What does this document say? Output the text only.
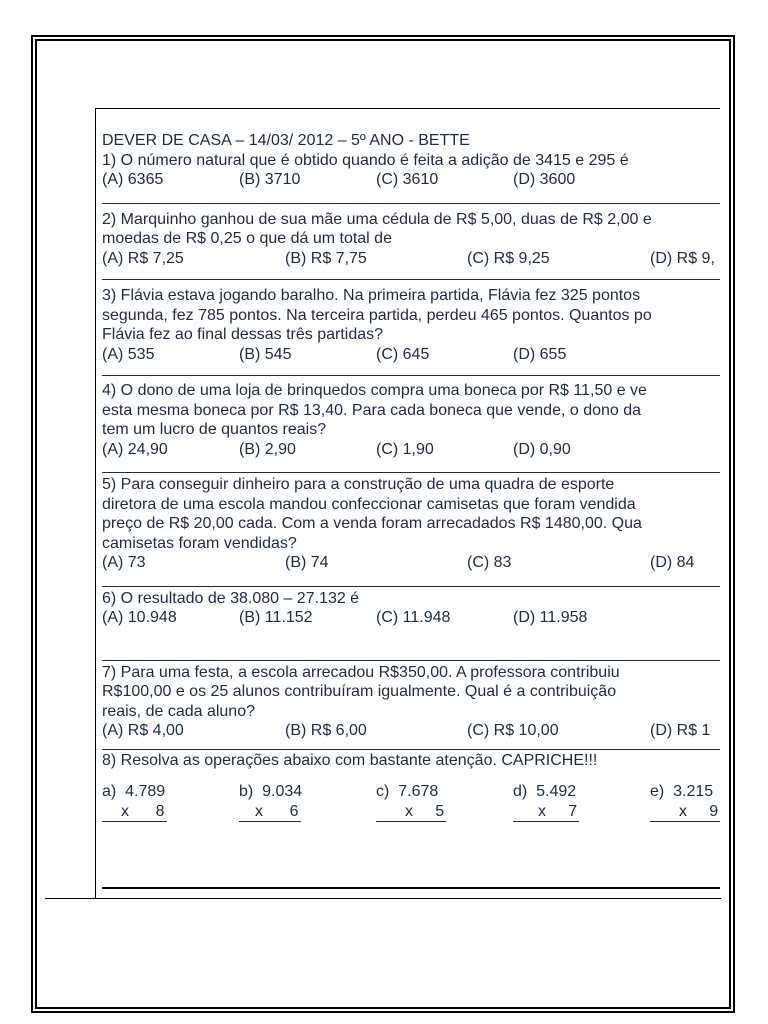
DEVER DE CASA – 14/03/ 2012 – 5º ANO - BETTE
1) O número natural que é obtido quando é feita a adição de 3415 e 295 é
(A) 6365	(B) 3710	(C) 3610	(D) 3600
2) Marquinho ganhou de sua mãe uma cédula de R$ 5,00, duas de R$ 2,00 e
moedas de R$ 0,25 o que dá um total de
(A) R$ 7,25	(B) R$ 7,75	(C) R$ 9,25	(D) R$ 9,
3) Flávia estava jogando baralho. Na primeira partida, Flávia fez 325 pontos
segunda, fez 785 pontos. Na terceira partida, perdeu 465 pontos. Quantos po
Flávia fez ao final dessas três partidas?
(A) 535	(B) 545	(C) 645	(D) 655
4) O dono de uma loja de brinquedos compra uma boneca por R$ 11,50 e ve
esta mesma boneca por R$ 13,40. Para cada boneca que vende, o dono da
tem um lucro de quantos reais?
(A) 24,90	(B) 2,90	(C) 1,90	(D) 0,90
5) Para conseguir dinheiro para a construção de uma quadra de esporte
diretora de uma escola mandou confeccionar camisetas que foram vendida
preço de R$ 20,00 cada. Com a venda foram arrecadados R$ 1480,00. Qua
camisetas foram vendidas?
(A) 73	(B) 74	(C) 83	(D) 84
6) O resultado de 38.080 – 27.132 é
(A) 10.948	(B) 11.152	(C) 11.948	(D) 11.958
7) Para uma festa, a escola arrecadou R$350,00. A professora contribuiu
R$100,00 e os 25 alunos contribuíram igualmente. Qual é a contribuição
reais, de cada aluno?
(A) R$ 4,00	(B) R$ 6,00	(C) R$ 10,00	(D) R$ 1
8) Resolva as operações abaixo com bastante atenção. CAPRICHE!!!
a) 4.789
x      8
b) 9.034
x      6
c) 7.678
x     5
d) 5.492
x     7
e) 3.215
x     9
